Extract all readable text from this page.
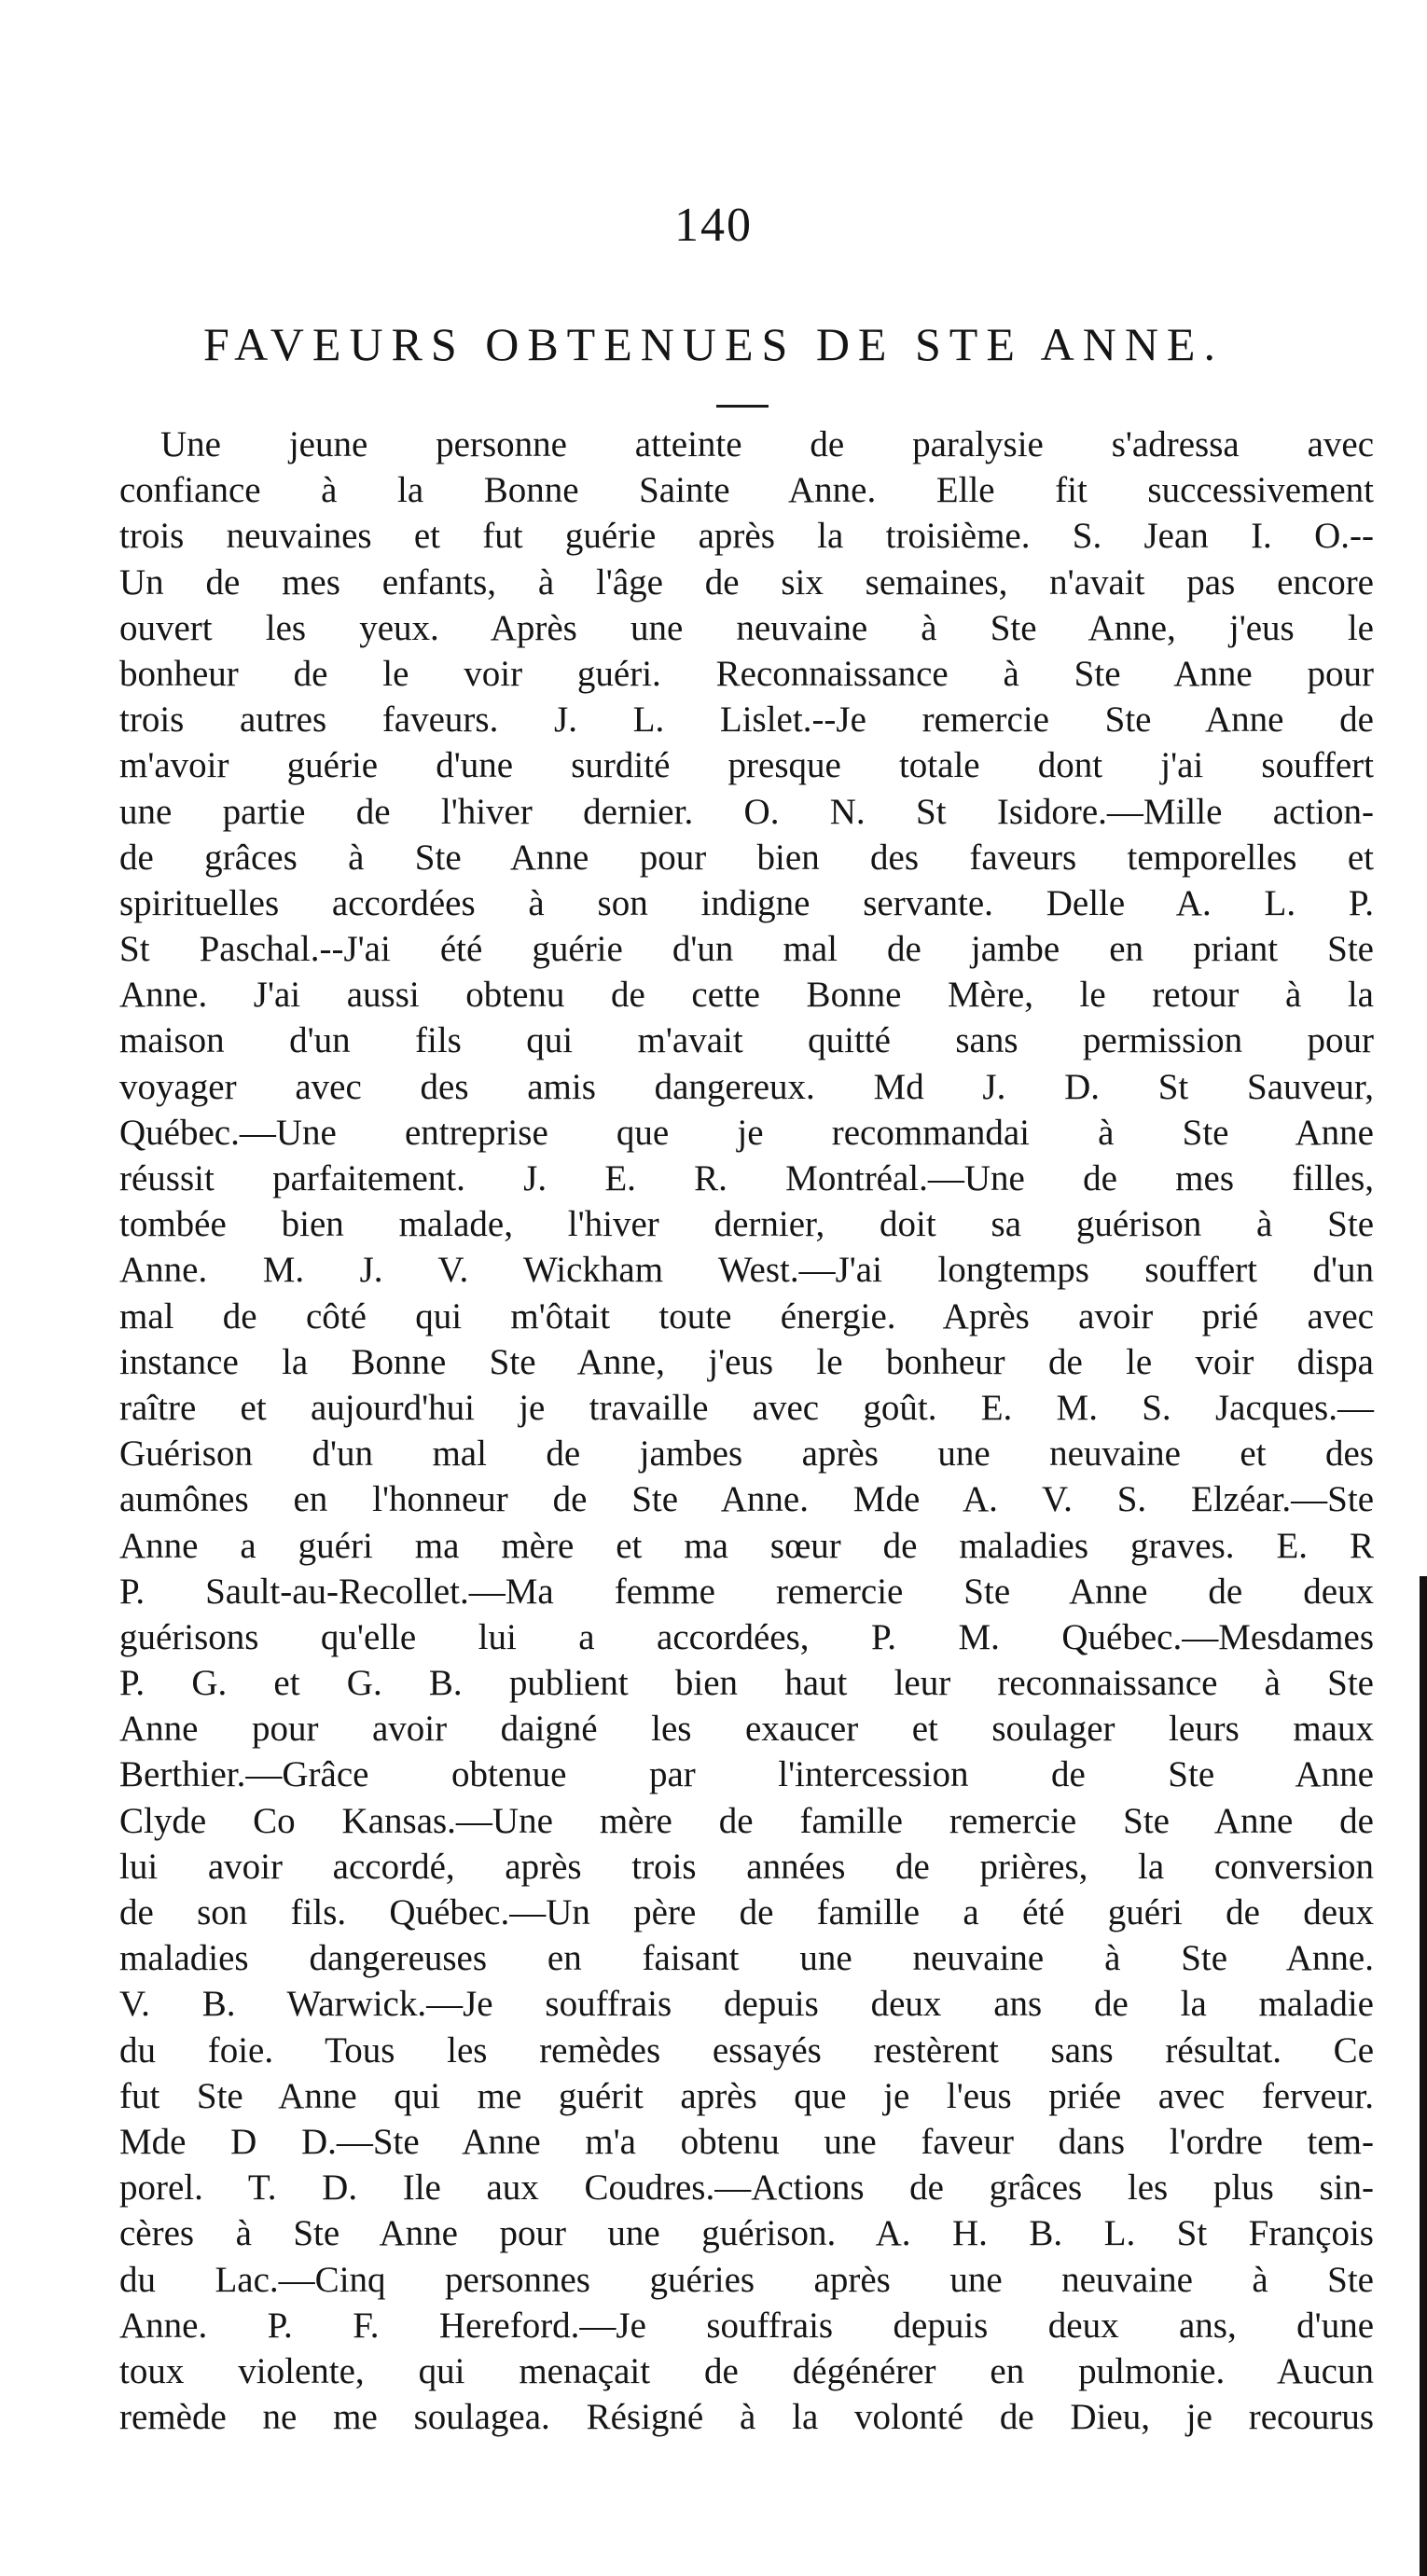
140
FAVEURS OBTENUES DE STE ANNE.
Une jeune personne atteinte de paralysie s'adressa avec
confiance à la Bonne Sainte Anne. Elle fit successivement
trois neuvaines et fut guérie après la troisième. S. Jean I. O.--
Un de mes enfants, à l'âge de six semaines, n'avait pas encore
ouvert les yeux. Après une neuvaine à Ste Anne, j'eus le
bonheur de le voir guéri. Reconnaissance à Ste Anne pour
trois autres faveurs. J. L. Lislet.--Je remercie Ste Anne de
m'avoir guérie d'une surdité presque totale dont j'ai souffert
une partie de l'hiver dernier. O. N. St Isidore.—Mille action-
de grâces à Ste Anne pour bien des faveurs temporelles et
spirituelles accordées à son indigne servante. Delle A. L. P.
St Paschal.--J'ai été guérie d'un mal de jambe en priant Ste
Anne. J'ai aussi obtenu de cette Bonne Mère, le retour à la
maison d'un fils qui m'avait quitté sans permission pour
voyager avec des amis dangereux. Md J. D. St Sauveur,
Québec.—Une entreprise que je recommandai à Ste Anne
réussit parfaitement. J. E. R. Montréal.—Une de mes filles,
tombée bien malade, l'hiver dernier, doit sa guérison à Ste
Anne. M. J. V. Wickham West.—J'ai longtemps souffert d'un
mal de côté qui m'ôtait toute énergie. Après avoir prié avec
instance la Bonne Ste Anne, j'eus le bonheur de le voir dispa
raître et aujourd'hui je travaille avec goût. E. M. S. Jacques.—
Guérison d'un mal de jambes après une neuvaine et des
aumônes en l'honneur de Ste Anne. Mde A. V. S. Elzéar.—Ste
Anne a guéri ma mère et ma sœur de maladies graves. E. R
P. Sault-au-Recollet.—Ma femme remercie Ste Anne de deux
guérisons qu'elle lui a accordées, P. M. Québec.—Mesdames
P. G. et G. B. publient bien haut leur reconnaissance à Ste
Anne pour avoir daigné les exaucer et soulager leurs maux
Berthier.—Grâce obtenue par l'intercession de Ste Anne
Clyde Co Kansas.—Une mère de famille remercie Ste Anne de
lui avoir accordé, après trois années de prières, la conversion
de son fils. Québec.—Un père de famille a été guéri de deux
maladies dangereuses en faisant une neuvaine à Ste Anne.
V. B. Warwick.—Je souffrais depuis deux ans de la maladie
du foie. Tous les remèdes essayés restèrent sans résultat. Ce
fut Ste Anne qui me guérit après que je l'eus priée avec ferveur.
Mde D D.—Ste Anne m'a obtenu une faveur dans l'ordre tem-
porel. T. D. Ile aux Coudres.—Actions de grâces les plus sin-
cères à Ste Anne pour une guérison. A. H. B. L. St François
du Lac.—Cinq personnes guéries après une neuvaine à Ste
Anne. P. F. Hereford.—Je souffrais depuis deux ans, d'une
toux violente, qui menaçait de dégénérer en pulmonie. Aucun
remède ne me soulagea. Résigné à la volonté de Dieu, je recourus
